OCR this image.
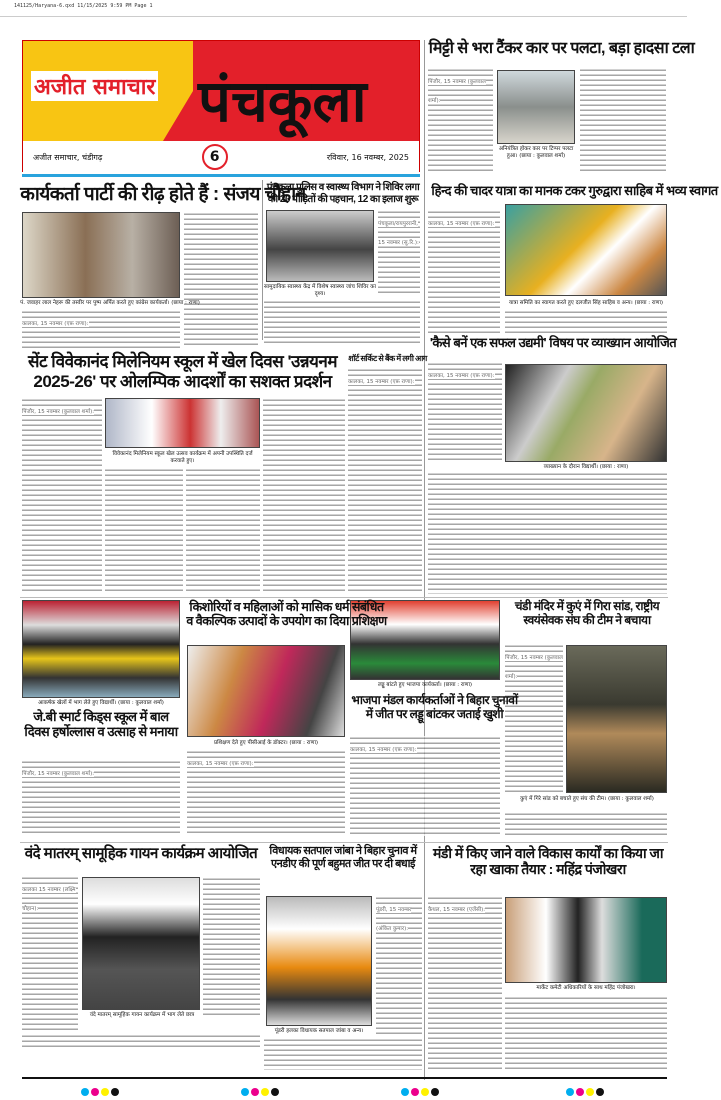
141125/Haryana-6.qxd 11/15/2025 9:59 PM Page 1
अजीत समाचार पंचकूला
अजीत समाचार, चंडीगढ़	6	रविवार, 16 नवम्बर, 2025
मिट्टी से भरा टैंकर कार पर पलटा, बड़ा हादसा टला
पिंजौर, 15 नवम्बर (कुलवाल शर्मा):
अनियंत्रित होकर कार पर टिप्पर पलटा हुआ। (छाया : कुलवाल शर्मा)
कार्यकर्ता पार्टी की रीढ़ होते हैं : संजय चौहान
पं. जवाहर लाल नेहरू की तस्वीर पर पुष्प अर्पित करते हुए कांग्रेस कार्यकर्ता। (छाया : राणा)
कालका, 15 नवम्बर (एफ़ राणा):
पंचकूला पुलिस व स्वास्थ्य विभाग ने शिविर लगा की 20 पीड़ितों की पहचान, 12 का इलाज शुरू
सामुदायिक स्वास्थ्य केंद्र में विशेष स्वास्थ्य जांच शिविर का दृश्य।
पंचकूला/रायपुररानी, 15 नवम्बर (सु.रि.):
हिन्द की चादर यात्रा का मानक टकर गुरुद्वारा साहिब में भव्य स्वागत
कालका, 15 नवम्बर (एफ़ राणा):
यात्रा समिति का स्वागत करते हुए दलजीत सिंह साहिब व अन्य। (छाया : राणा)
'कैसे बनें एक सफल उद्यमी' विषय पर व्याख्यान आयोजित
कालका, 15 नवम्बर (एफ़ राणा):
व्याख्यान के दौरान विद्यार्थी। (छाया : राणा)
सेंट विवेकानंद मिलेनियम स्कूल में खेल दिवस 'उन्नयनम 2025-26' पर ओलम्पिक आदर्शों का सशक्त प्रदर्शन
पिंजौर, 15 नवम्बर (कुलवाल शर्मा):
विवेकानंद मिलेनियम स्कूल खेल उत्सव कार्यक्रम में अपनी उपस्थिति दर्ज करवाते हुए।
शॉर्ट सर्किट से बैंक में लगी आग
कालका, 15 नवम्बर (एफ़ राणा):
आकर्षक खेलों में भाग लेते हुए विद्यार्थी। (छाया : कुलवाल शर्मा)
जे.बी स्मार्ट किड्स स्कूल में बाल दिवस हर्षोल्लास व उत्साह से मनाया
पिंजौर, 15 नवम्बर (कुलवाल शर्मा):
किशोरियों व महिलाओं को मासिक धर्म संबंधित व वैकल्पिक उत्पादों के उपयोग का दिया प्रशिक्षण
प्रशिक्षण देते हुए पीसीआई के डॉक्टर। (छाया : राणा)
कालका, 15 नवम्बर (एफ़ राणा):
लड्डू बांटते हुए भाजपा कार्यकर्ता। (छाया : राणा)
भाजपा मंडल कार्यकर्ताओं ने बिहार चुनावों में जीत पर लड्डू बांटकर जताई खुशी
कालका, 15 नवम्बर (एफ़ राणा):
चंडी मंदिर में कुएं में गिरा सांड, राष्ट्रीय स्वयंसेवक संघ की टीम ने बचाया
पिंजौर, 15 नवम्बर (कुलवाल शर्मा):
कुएं में गिरे सांड को बचाते हुए संघ की टीम। (छाया : कुलवाल शर्मा)
वंदे मातरम् सामूहिक गायन कार्यक्रम आयोजित
कालका 15 नवम्बर (लक्ष्मि चौहान):
वंदे मातरम् सामूहिक गायन कार्यक्रम में भाग लेते छात्र
विधायक सतपाल जांबा ने बिहार चुनाव में एनडीए की पूर्ण बहुमत जीत पर दी बधाई
पूंडरी हलका विधायक सतपाल जांबा व अन्य।
पूंडरी, 15 नवम्बर (अंकित कुमार):
मंडी में किए जाने वाले विकास कार्यों का किया जा रहा खाका तैयार : महिंद्र पंजोखरा
कैथल, 15 नवम्बर (एजेंसी):
मार्केट कमेटी अधिकारियों के साथ महिंद्र पंजोखरा।
